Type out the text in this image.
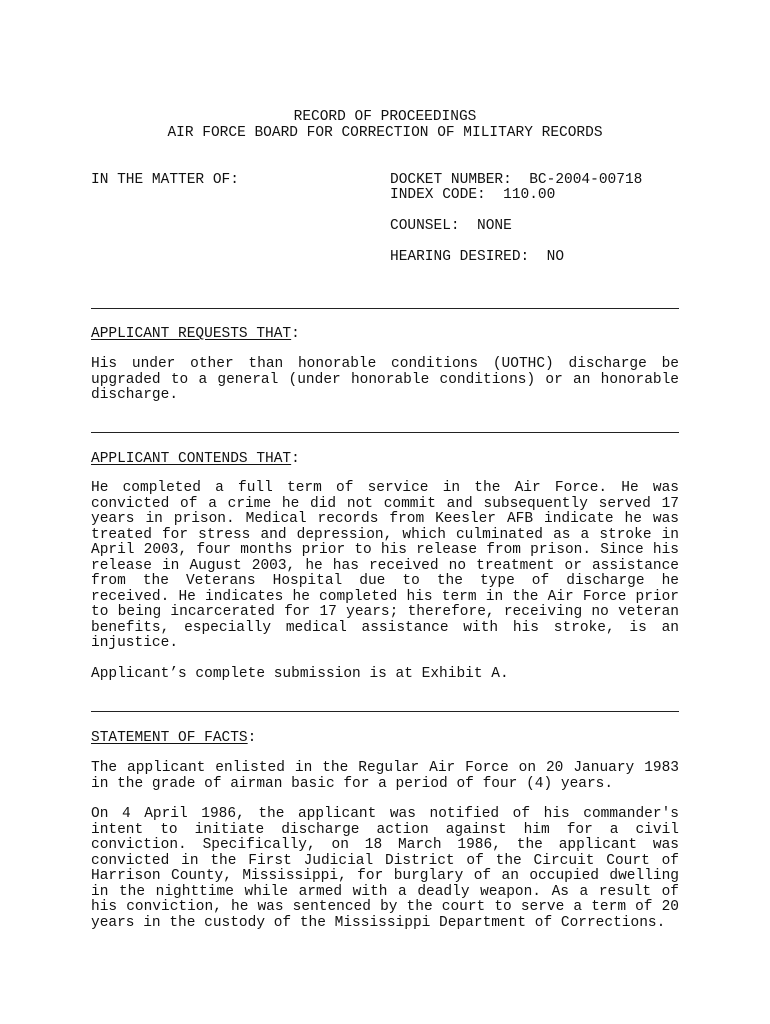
RECORD OF PROCEEDINGS
AIR FORCE BOARD FOR CORRECTION OF MILITARY RECORDS
IN THE MATTER OF:	DOCKET NUMBER:  BC-2004-00718
INDEX CODE:  110.00
COUNSEL:  NONE
HEARING DESIRED:  NO
APPLICANT REQUESTS THAT:
His under other than honorable conditions (UOTHC) discharge be upgraded to a general (under honorable conditions) or an honorable discharge.
APPLICANT CONTENDS THAT:
He completed a full term of service in the Air Force. He was convicted of a crime he did not commit and subsequently served 17 years in prison. Medical records from Keesler AFB indicate he was treated for stress and depression, which culminated as a stroke in April 2003, four months prior to his release from prison. Since his release in August 2003, he has received no treatment or assistance from the Veterans Hospital due to the type of discharge he received. He indicates he completed his term in the Air Force prior to being incarcerated for 17 years; therefore, receiving no veteran benefits, especially medical assistance with his stroke, is an injustice.
Applicant’s complete submission is at Exhibit A.
STATEMENT OF FACTS:
The applicant enlisted in the Regular Air Force on 20 January 1983 in the grade of airman basic for a period of four (4) years.
On 4 April 1986, the applicant was notified of his commander's intent to initiate discharge action against him for a civil conviction. Specifically, on 18 March 1986, the applicant was convicted in the First Judicial District of the Circuit Court of Harrison County, Mississippi, for burglary of an occupied dwelling in the nighttime while armed with a deadly weapon. As a result of his conviction, he was sentenced by the court to serve a term of 20 years in the custody of the Mississippi Department of Corrections.
